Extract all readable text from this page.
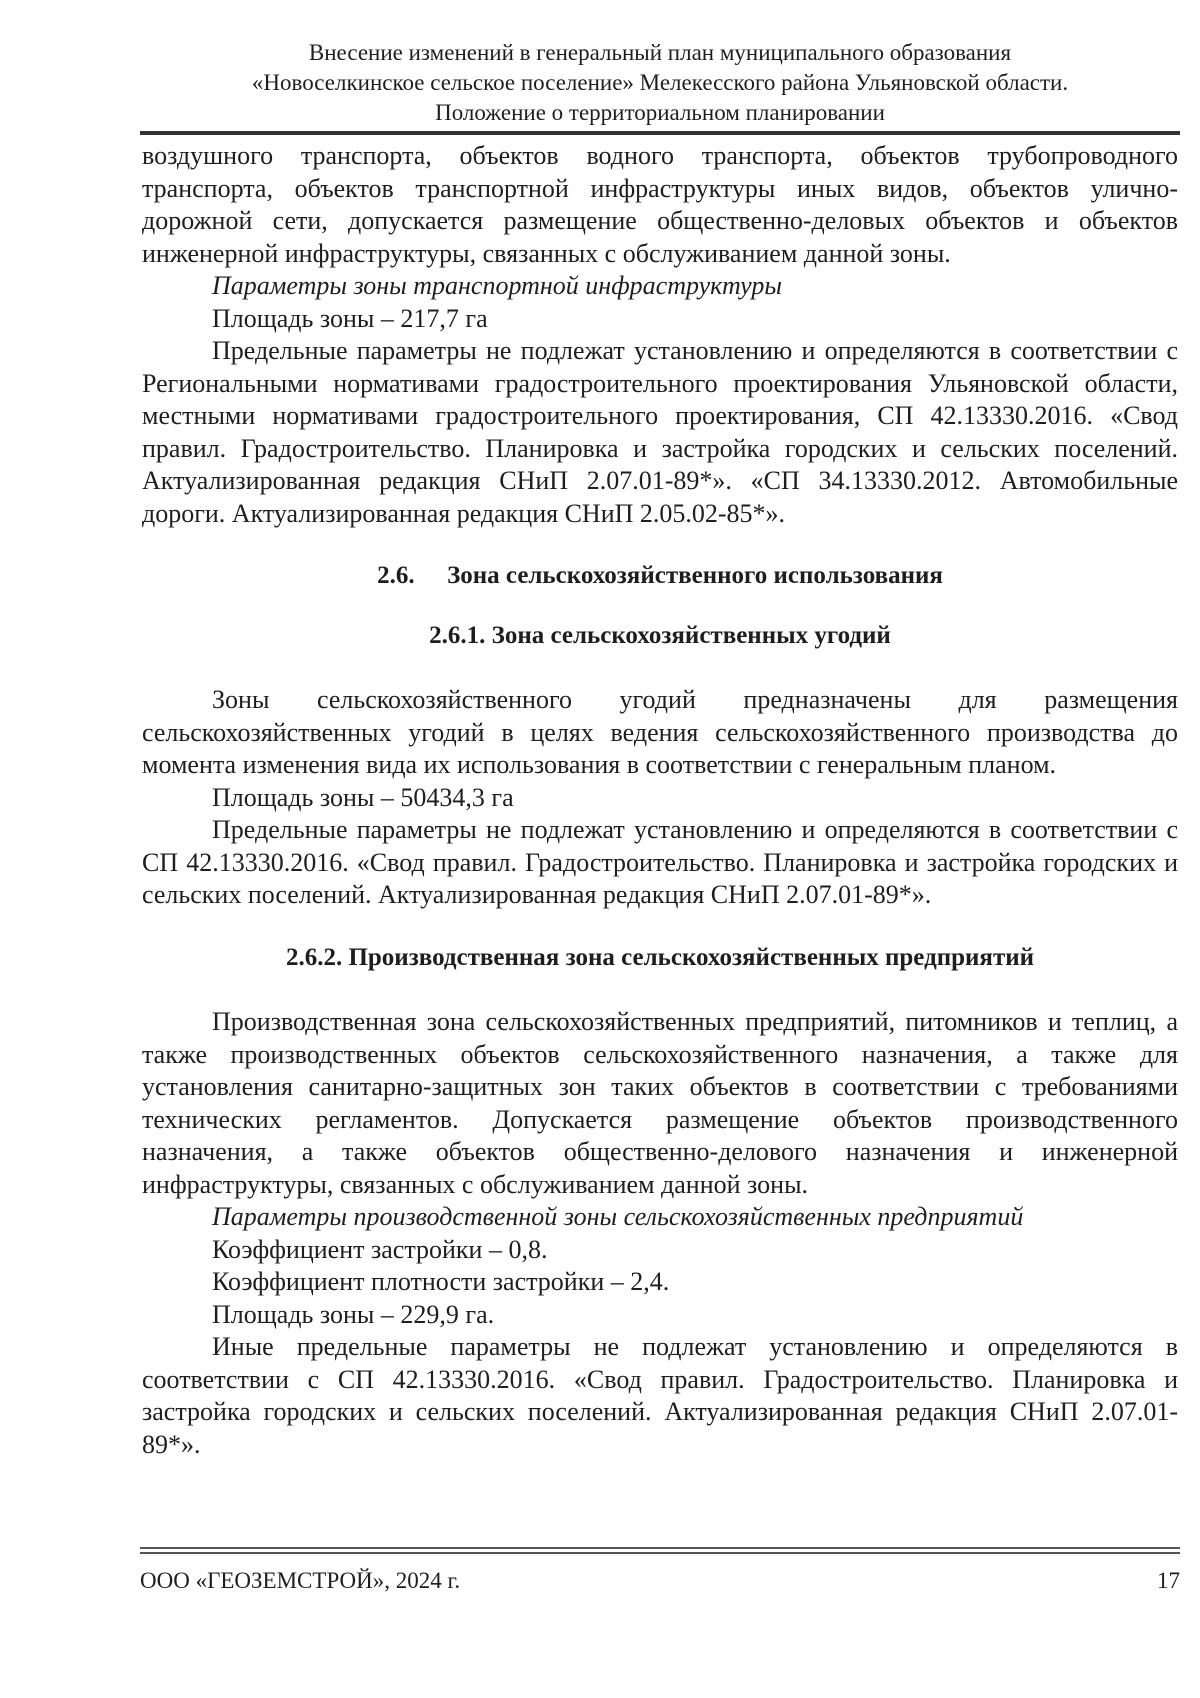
Внесение изменений в генеральный план муниципального образования
«Новоселкинское сельское поселение» Мелекесского района Ульяновской области.
Положение о территориальном планировании

воздушного транспорта, объектов водного транспорта, объектов трубопроводного транспорта, объектов транспортной инфраструктуры иных видов, объектов улично-дорожной сети, допускается размещение общественно-деловых объектов и объектов инженерной инфраструктуры, связанных с обслуживанием данной зоны.

Параметры зоны транспортной инфраструктуры

Площадь зоны – 217,7 га

Предельные параметры не подлежат установлению и определяются в соответствии с Региональными нормативами градостроительного проектирования Ульяновской области, местными нормативами градостроительного проектирования, СП 42.13330.2016. «Свод правил. Градостроительство. Планировка и застройка городских и сельских поселений. Актуализированная редакция СНиП 2.07.01-89*». «СП 34.13330.2012. Автомобильные дороги. Актуализированная редакция СНиП 2.05.02-85*».

2.6. Зона сельскохозяйственного использования

2.6.1. Зона сельскохозяйственных угодий

Зоны сельскохозяйственного угодий предназначены для размещения сельскохозяйственных угодий в целях ведения сельскохозяйственного производства до момента изменения вида их использования в соответствии с генеральным планом.

Площадь зоны – 50434,3 га

Предельные параметры не подлежат установлению и определяются в соответствии с СП 42.13330.2016. «Свод правил. Градостроительство. Планировка и застройка городских и сельских поселений. Актуализированная редакция СНиП 2.07.01-89*».

2.6.2. Производственная зона сельскохозяйственных предприятий

Производственная зона сельскохозяйственных предприятий, питомников и теплиц, а также производственных объектов сельскохозяйственного назначения, а также для установления санитарно-защитных зон таких объектов в соответствии с требованиями технических регламентов. Допускается размещение объектов производственного назначения, а также объектов общественно-делового назначения и инженерной инфраструктуры, связанных с обслуживанием данной зоны.

Параметры производственной зоны сельскохозяйственных предприятий

Коэффициент застройки – 0,8.

Коэффициент плотности застройки – 2,4.

Площадь зоны – 229,9 га.

Иные предельные параметры не подлежат установлению и определяются в соответствии с СП 42.13330.2016. «Свод правил. Градостроительство. Планировка и застройка городских и сельских поселений. Актуализированная редакция СНиП 2.07.01-89*».

ООО «ГЕОЗЕМСТРОЙ», 2024 г.	17
